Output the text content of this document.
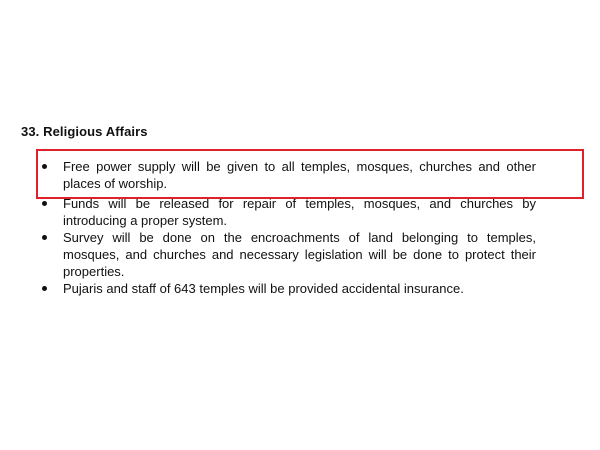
33. Religious Affairs
Free power supply will be given to all temples, mosques, churches and other places of worship.
Funds will be released for repair of temples, mosques, and churches by introducing a proper system.
Survey will be done on the encroachments of land belonging to temples, mosques, and churches and necessary legislation will be done to protect their properties.
Pujaris and staff of 643 temples will be provided accidental insurance.
